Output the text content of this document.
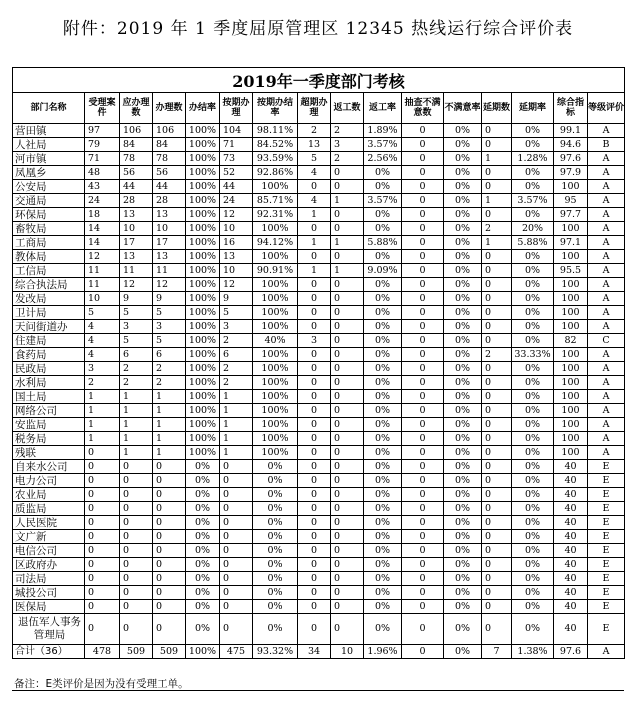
附件：2019 年 1 季度屈原管理区 12345 热线运行综合评价表
2019年一季度部门考核															
部门名称	受理案件	应办理数	办理数	办结率	按期办理	按期办结率	超期办理	返工数	返工率	抽查不满意数	不满意率	延期数	延期率	综合指标	等级评价
营田镇	97	106	106	100%	104	98.11%	2	2	1.89%	0	0%	0	0%	99.1	A
人社局	79	84	84	100%	71	84.52%	13	3	3.57%	0	0%	0	0%	94.6	B
河市镇	71	78	78	100%	73	93.59%	5	2	2.56%	0	0%	1	1.28%	97.6	A
凤凰乡	48	56	56	100%	52	92.86%	4	0	0%	0	0%	0	0%	97.9	A
公安局	43	44	44	100%	44	100%	0	0	0%	0	0%	0	0%	100	A
交通局	24	28	28	100%	24	85.71%	4	1	3.57%	0	0%	1	3.57%	95	A
环保局	18	13	13	100%	12	92.31%	1	0	0%	0	0%	0	0%	97.7	A
畜牧局	14	10	10	100%	10	100%	0	0	0%	0	0%	2	20%	100	A
工商局	14	17	17	100%	16	94.12%	1	1	5.88%	0	0%	1	5.88%	97.1	A
教体局	12	13	13	100%	13	100%	0	0	0%	0	0%	0	0%	100	A
工信局	11	11	11	100%	10	90.91%	1	1	9.09%	0	0%	0	0%	95.5	A
综合执法局	11	12	12	100%	12	100%	0	0	0%	0	0%	0	0%	100	A
发改局	10	9	9	100%	9	100%	0	0	0%	0	0%	0	0%	100	A
卫计局	5	5	5	100%	5	100%	0	0	0%	0	0%	0	0%	100	A
天问街道办	4	3	3	100%	3	100%	0	0	0%	0	0%	0	0%	100	A
住建局	4	5	5	100%	2	40%	3	0	0%	0	0%	0	0%	82	C
食药局	4	6	6	100%	6	100%	0	0	0%	0	0%	2	33.33%	100	A
民政局	3	2	2	100%	2	100%	0	0	0%	0	0%	0	0%	100	A
水利局	2	2	2	100%	2	100%	0	0	0%	0	0%	0	0%	100	A
国土局	1	1	1	100%	1	100%	0	0	0%	0	0%	0	0%	100	A
网络公司	1	1	1	100%	1	100%	0	0	0%	0	0%	0	0%	100	A
安监局	1	1	1	100%	1	100%	0	0	0%	0	0%	0	0%	100	A
税务局	1	1	1	100%	1	100%	0	0	0%	0	0%	0	0%	100	A
残联	0	1	1	100%	1	100%	0	0	0%	0	0%	0	0%	100	A
自来水公司	0	0	0	0%	0	0%	0	0	0%	0	0%	0	0%	40	E
电力公司	0	0	0	0%	0	0%	0	0	0%	0	0%	0	0%	40	E
农业局	0	0	0	0%	0	0%	0	0	0%	0	0%	0	0%	40	E
质监局	0	0	0	0%	0	0%	0	0	0%	0	0%	0	0%	40	E
人民医院	0	0	0	0%	0	0%	0	0	0%	0	0%	0	0%	40	E
文广新	0	0	0	0%	0	0%	0	0	0%	0	0%	0	0%	40	E
电信公司	0	0	0	0%	0	0%	0	0	0%	0	0%	0	0%	40	E
区政府办	0	0	0	0%	0	0%	0	0	0%	0	0%	0	0%	40	E
司法局	0	0	0	0%	0	0%	0	0	0%	0	0%	0	0%	40	E
城投公司	0	0	0	0%	0	0%	0	0	0%	0	0%	0	0%	40	E
医保局	0	0	0	0%	0	0%	0	0	0%	0	0%	0	0%	40	E
退伍军人事务管理局	0	0	0	0%	0	0%	0	0	0%	0	0%	0	0%	40	E
合计（36）	478	509	509	100%	475	93.32%	34	10	1.96%	0	0%	7	1.38%	97.6	A
备注：E类评价是因为没有受理工单。
